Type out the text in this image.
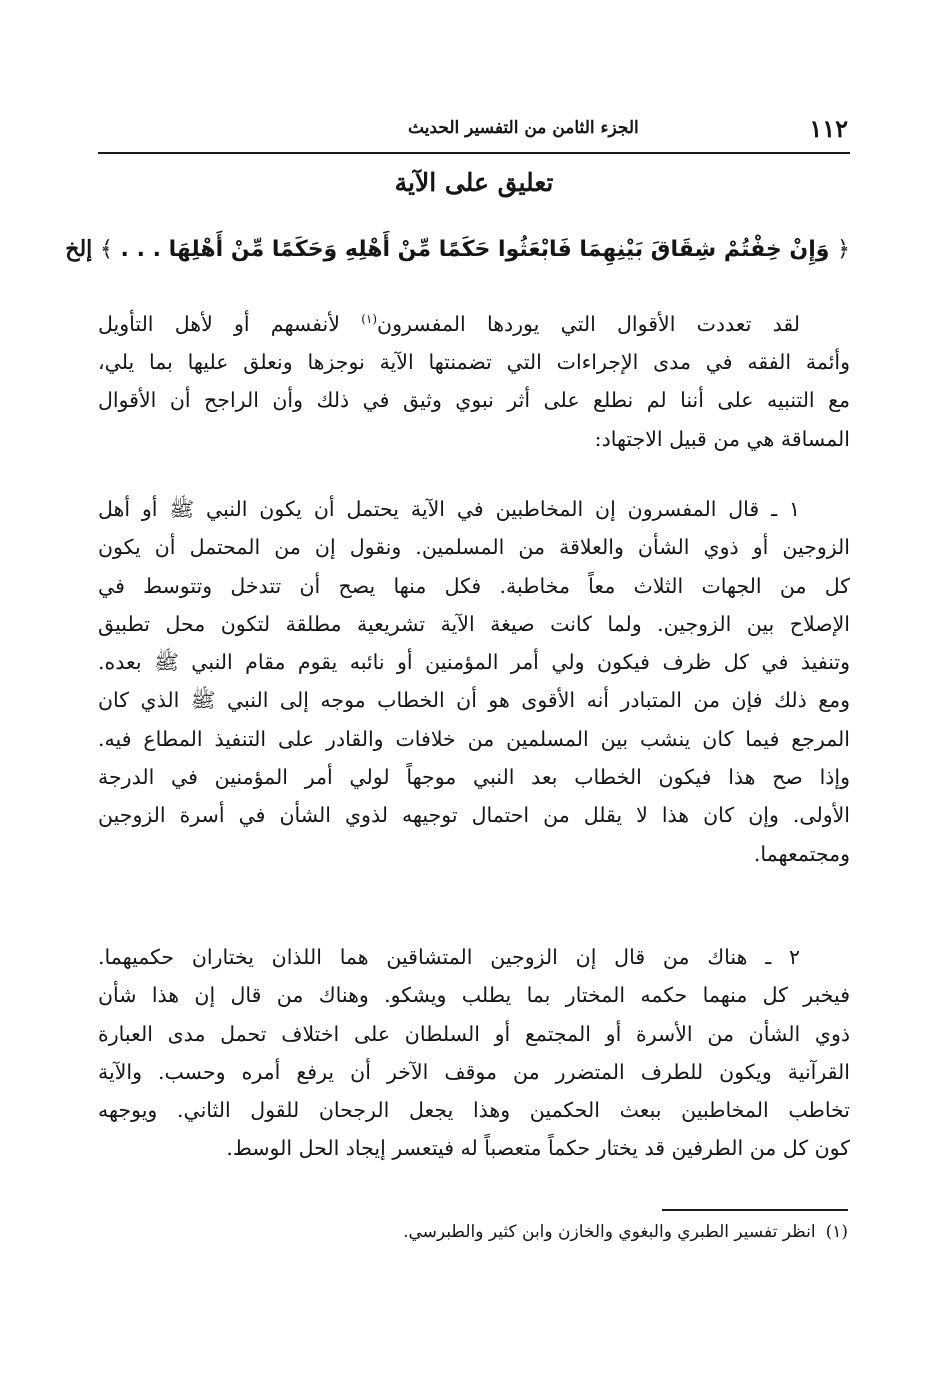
١١٢
الجزء الثامن من التفسير الحديث
تعليق على الآية
﴿ وَإِنْ خِفْتُمْ شِقَاقَ بَيْنِهِمَا فَابْعَثُوا حَكَمًا مِّنْ أَهْلِهِ وَحَكَمًا مِّنْ أَهْلِهَا . . . ﴾ إلخ
لقد تعددت الأقوال التي يوردها المفسرون$^{(١)}$ لأنفسهم أو لأهل التأويل
وأئمة الفقه في مدى الإجراءات التي تضمنتها الآية نوجزها ونعلق عليها بما يلي،
مع التنبيه على أننا لم نطلع على أثر نبوي وثيق في ذلك وأن الراجح أن الأقوال
المساقة هي من قبيل الاجتهاد:
١ ـ قال المفسرون إن المخاطبين في الآية يحتمل أن يكون النبي ﷺ أو أهل
الزوجين أو ذوي الشأن والعلاقة من المسلمين. ونقول إن من المحتمل أن يكون
كل من الجهات الثلاث معاً مخاطبة. فكل منها يصح أن تتدخل وتتوسط في
الإصلاح بين الزوجين. ولما كانت صيغة الآية تشريعية مطلقة لتكون محل تطبيق
وتنفيذ في كل ظرف فيكون ولي أمر المؤمنين أو نائبه يقوم مقام النبي ﷺ بعده.
ومع ذلك فإن من المتبادر أنه الأقوى هو أن الخطاب موجه إلى النبي ﷺ الذي كان
المرجع فيما كان ينشب بين المسلمين من خلافات والقادر على التنفيذ المطاع فيه.
وإذا صح هذا فيكون الخطاب بعد النبي موجهاً لولي أمر المؤمنين في الدرجة
الأولى. وإن كان هذا لا يقلل من احتمال توجيهه لذوي الشأن في أسرة الزوجين
ومجتمعهما.
٢ ـ هناك من قال إن الزوجين المتشاقين هما اللذان يختاران حكميهما.
فيخبر كل منهما حكمه المختار بما يطلب ويشكو. وهناك من قال إن هذا شأن
ذوي الشأن من الأسرة أو المجتمع أو السلطان على اختلاف تحمل مدى العبارة
القرآنية ويكون للطرف المتضرر من موقف الآخر أن يرفع أمره وحسب. والآية
تخاطب المخاطبين ببعث الحكمين وهذا يجعل الرجحان للقول الثاني. ويوجهه
كون كل من الطرفين قد يختار حكماً متعصباً له فيتعسر إيجاد الحل الوسط.
(١)انظر تفسير الطبري والبغوي والخازن وابن كثير والطبرسي.
